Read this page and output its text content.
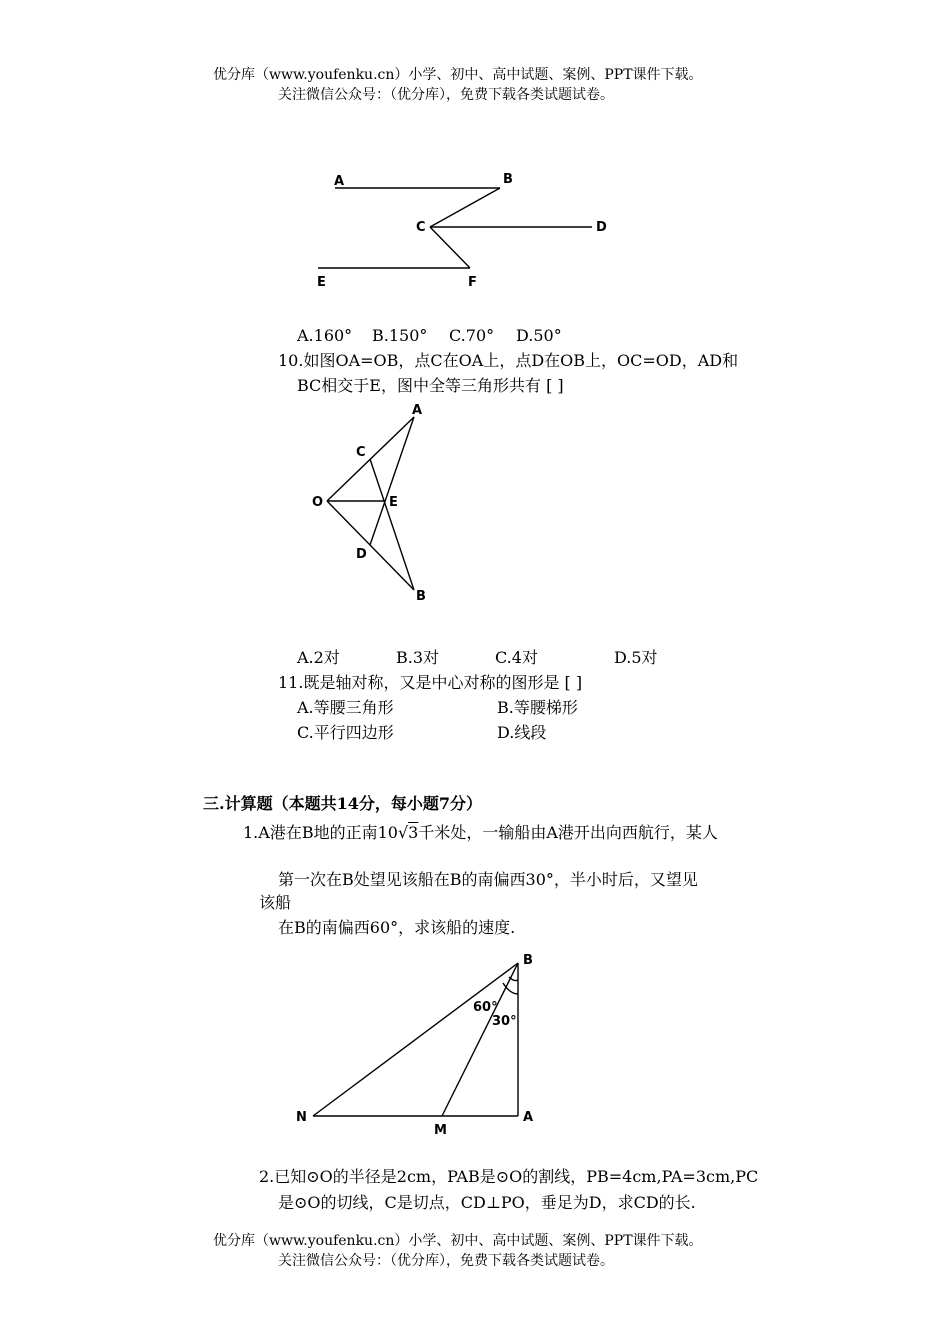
优分库（www.youfenku.cn）小学、初中、高中试题、案例、PPT课件下载。
关注微信公众号：（优分库），免费下载各类试题试卷。
A	B
C	D
E	F
A.160° B.150° C.70° D.50°
10.如图OA=OB，点C在OA上，点D在OB上，OC=OD，AD和
BC相交于E，图中全等三角形共有 [ ]
A
C
O	E
D
B
A.2对	B.3对	C.4对	D.5对
11.既是轴对称，又是中心对称的图形是 [ ]
A.等腰三角形	B.等腰梯形
C.平行四边形	D.线段
三.计算题（本题共14分，每小题7分）
1.A港在B地的正南10√3千米处，一输船由A港开出向西航行，某人
第一次在B处望见该船在B的南偏西30°，半小时后，又望见
该船
在B的南偏西60°，求该船的速度.
B
60°
30°
N
M
A
2.已知⊙O的半径是2cm，PAB是⊙O的割线，PB=4cm,PA=3cm,PC
是⊙O的切线，C是切点，CD⊥PO，垂足为D，求CD的长.
优分库（www.youfenku.cn）小学、初中、高中试题、案例、PPT课件下载。
关注微信公众号：（优分库），免费下载各类试题试卷。
